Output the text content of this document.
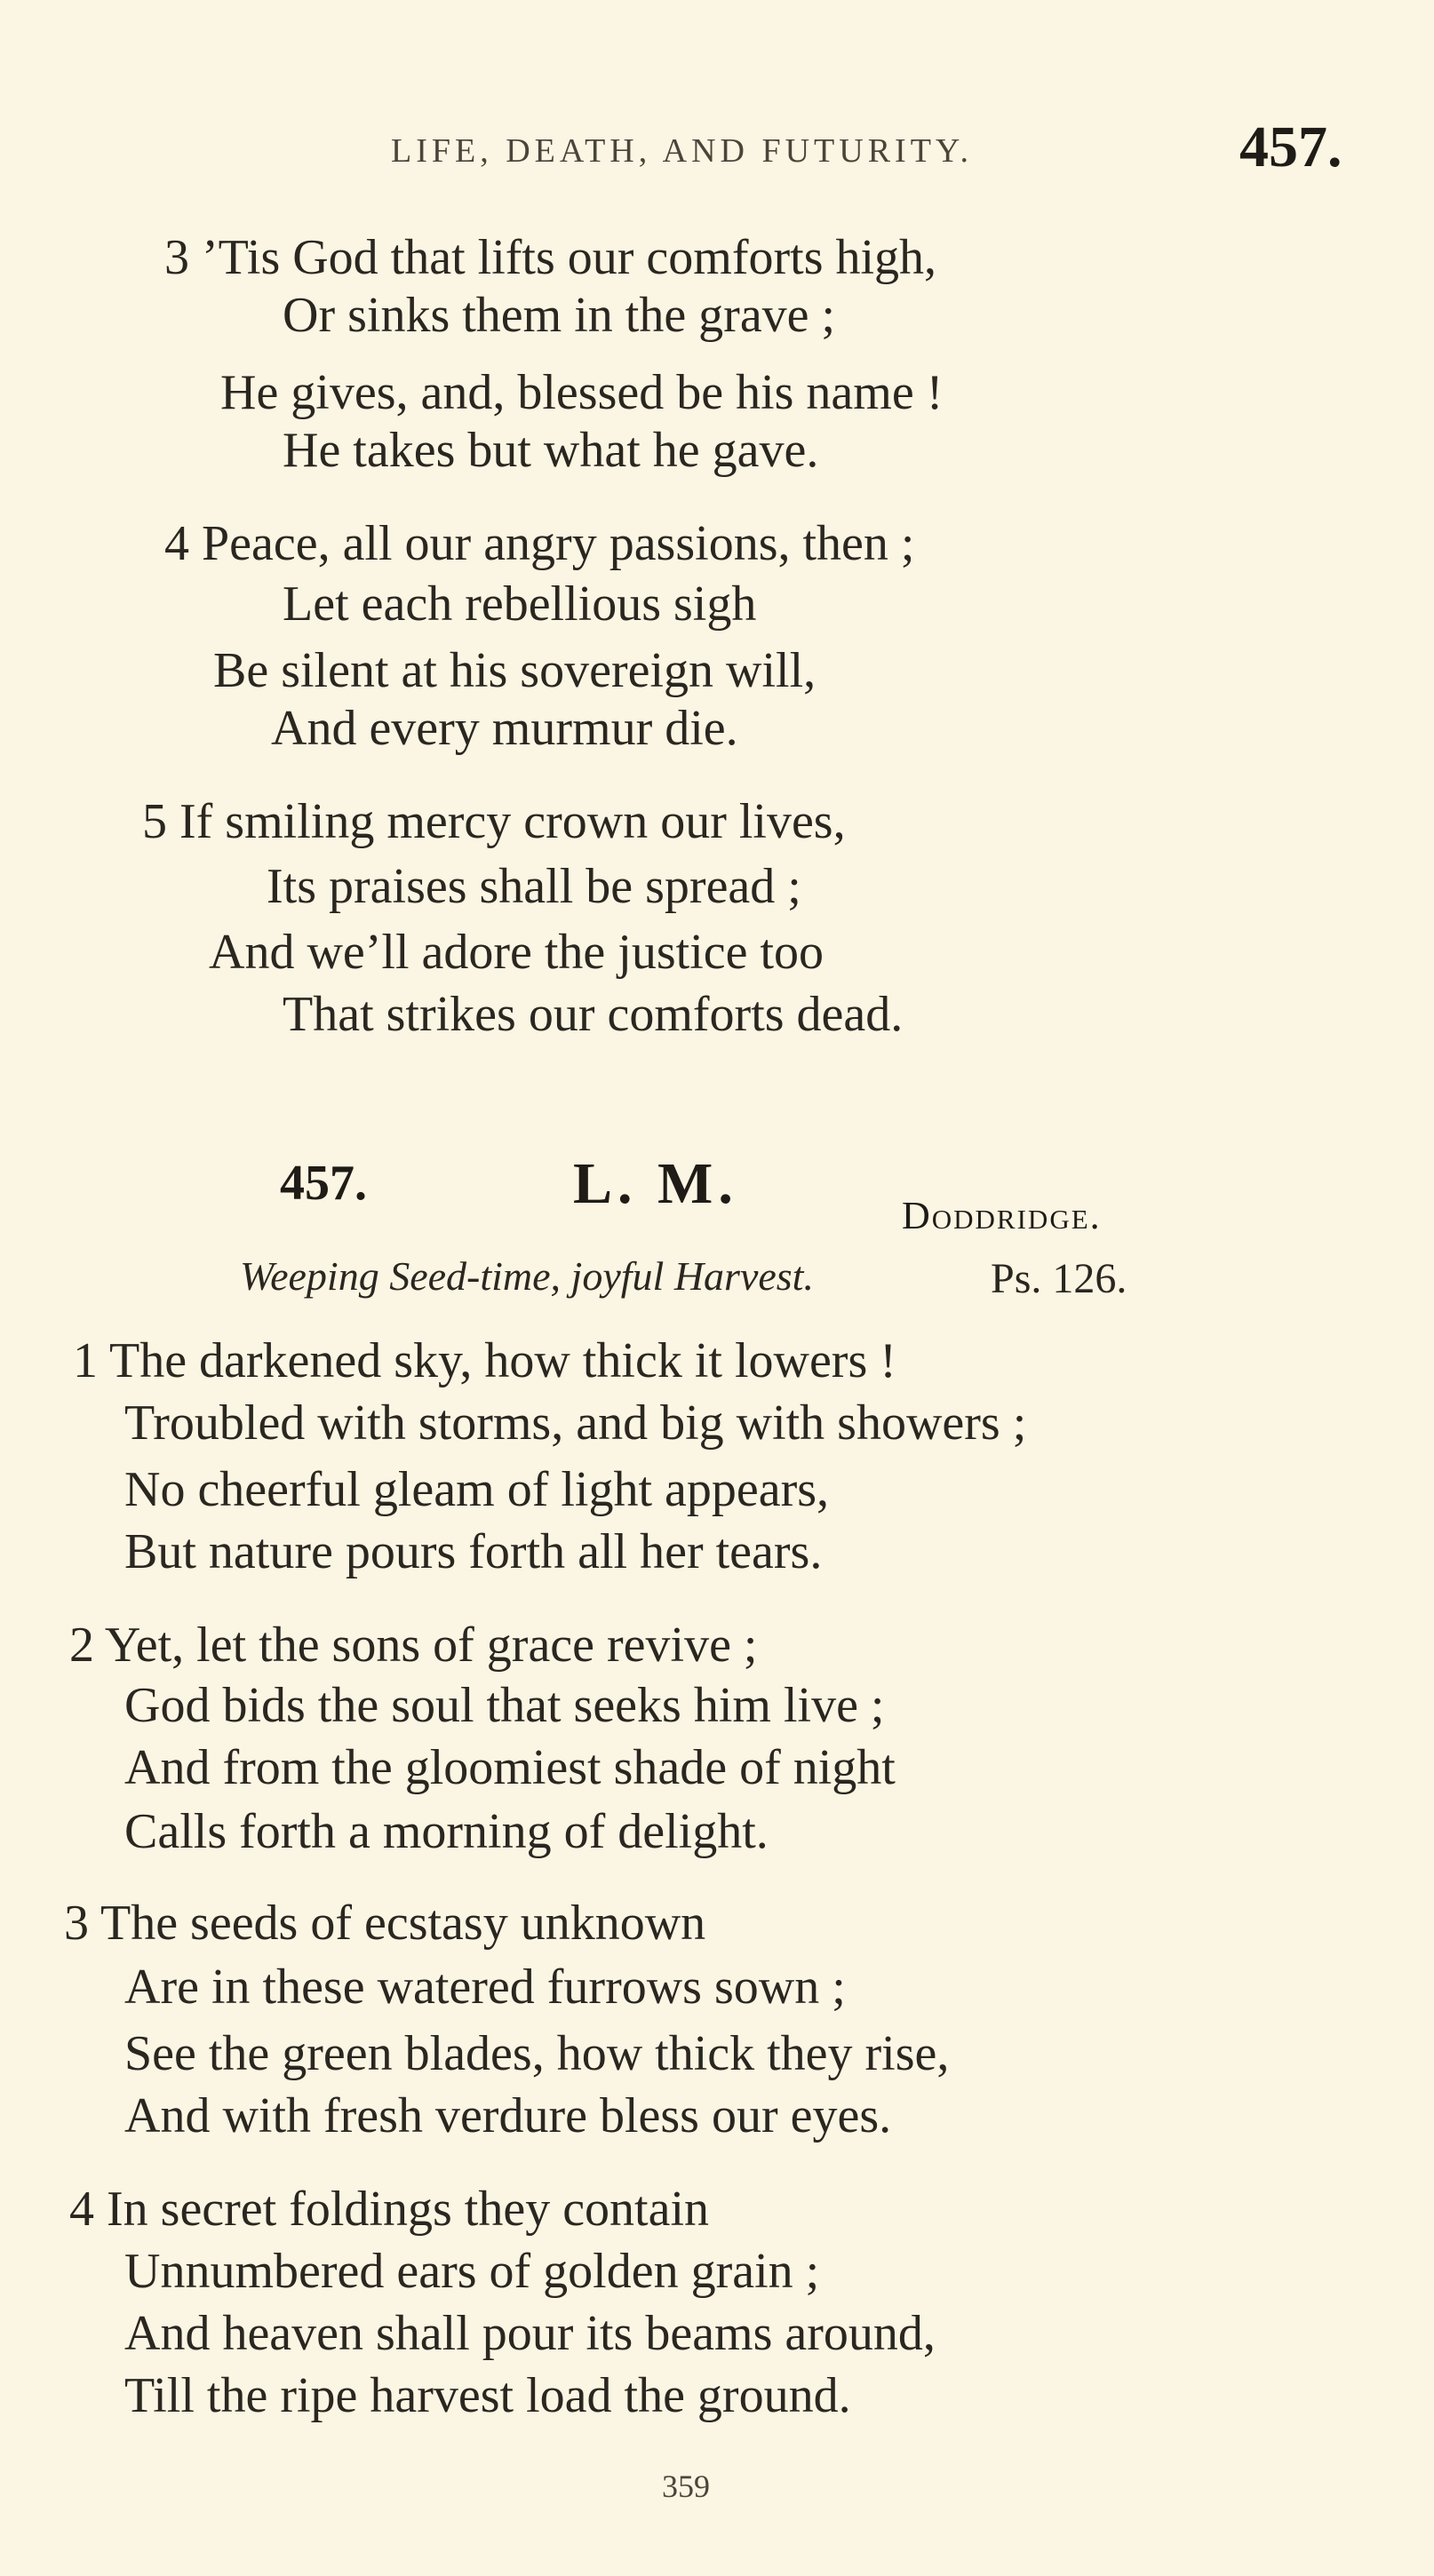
LIFE, DEATH, AND FUTURITY.	457.
3 ’Tis God that lifts our comforts high,
Or sinks them in the grave ;
He gives, and, blessed be his name !
He takes but what he gave.
4 Peace, all our angry passions, then ;
Let each rebellious sigh
Be silent at his sovereign will,
And every murmur die.
5 If smiling mercy crown our lives,
Its praises shall be spread ;
And we’ll adore the justice too
That strikes our comforts dead.
457.	L. M.	Doddridge.
Weeping Seed-time, joyful Harvest.	Ps. 126.
1 The darkened sky, how thick it lowers !
Troubled with storms, and big with showers ;
No cheerful gleam of light appears,
But nature pours forth all her tears.
2 Yet, let the sons of grace revive ;
God bids the soul that seeks him live ;
And from the gloomiest shade of night
Calls forth a morning of delight.
3 The seeds of ecstasy unknown
Are in these watered furrows sown ;
See the green blades, how thick they rise,
And with fresh verdure bless our eyes.
4 In secret foldings they contain
Unnumbered ears of golden grain ;
And heaven shall pour its beams around,
Till the ripe harvest load the ground.
359
